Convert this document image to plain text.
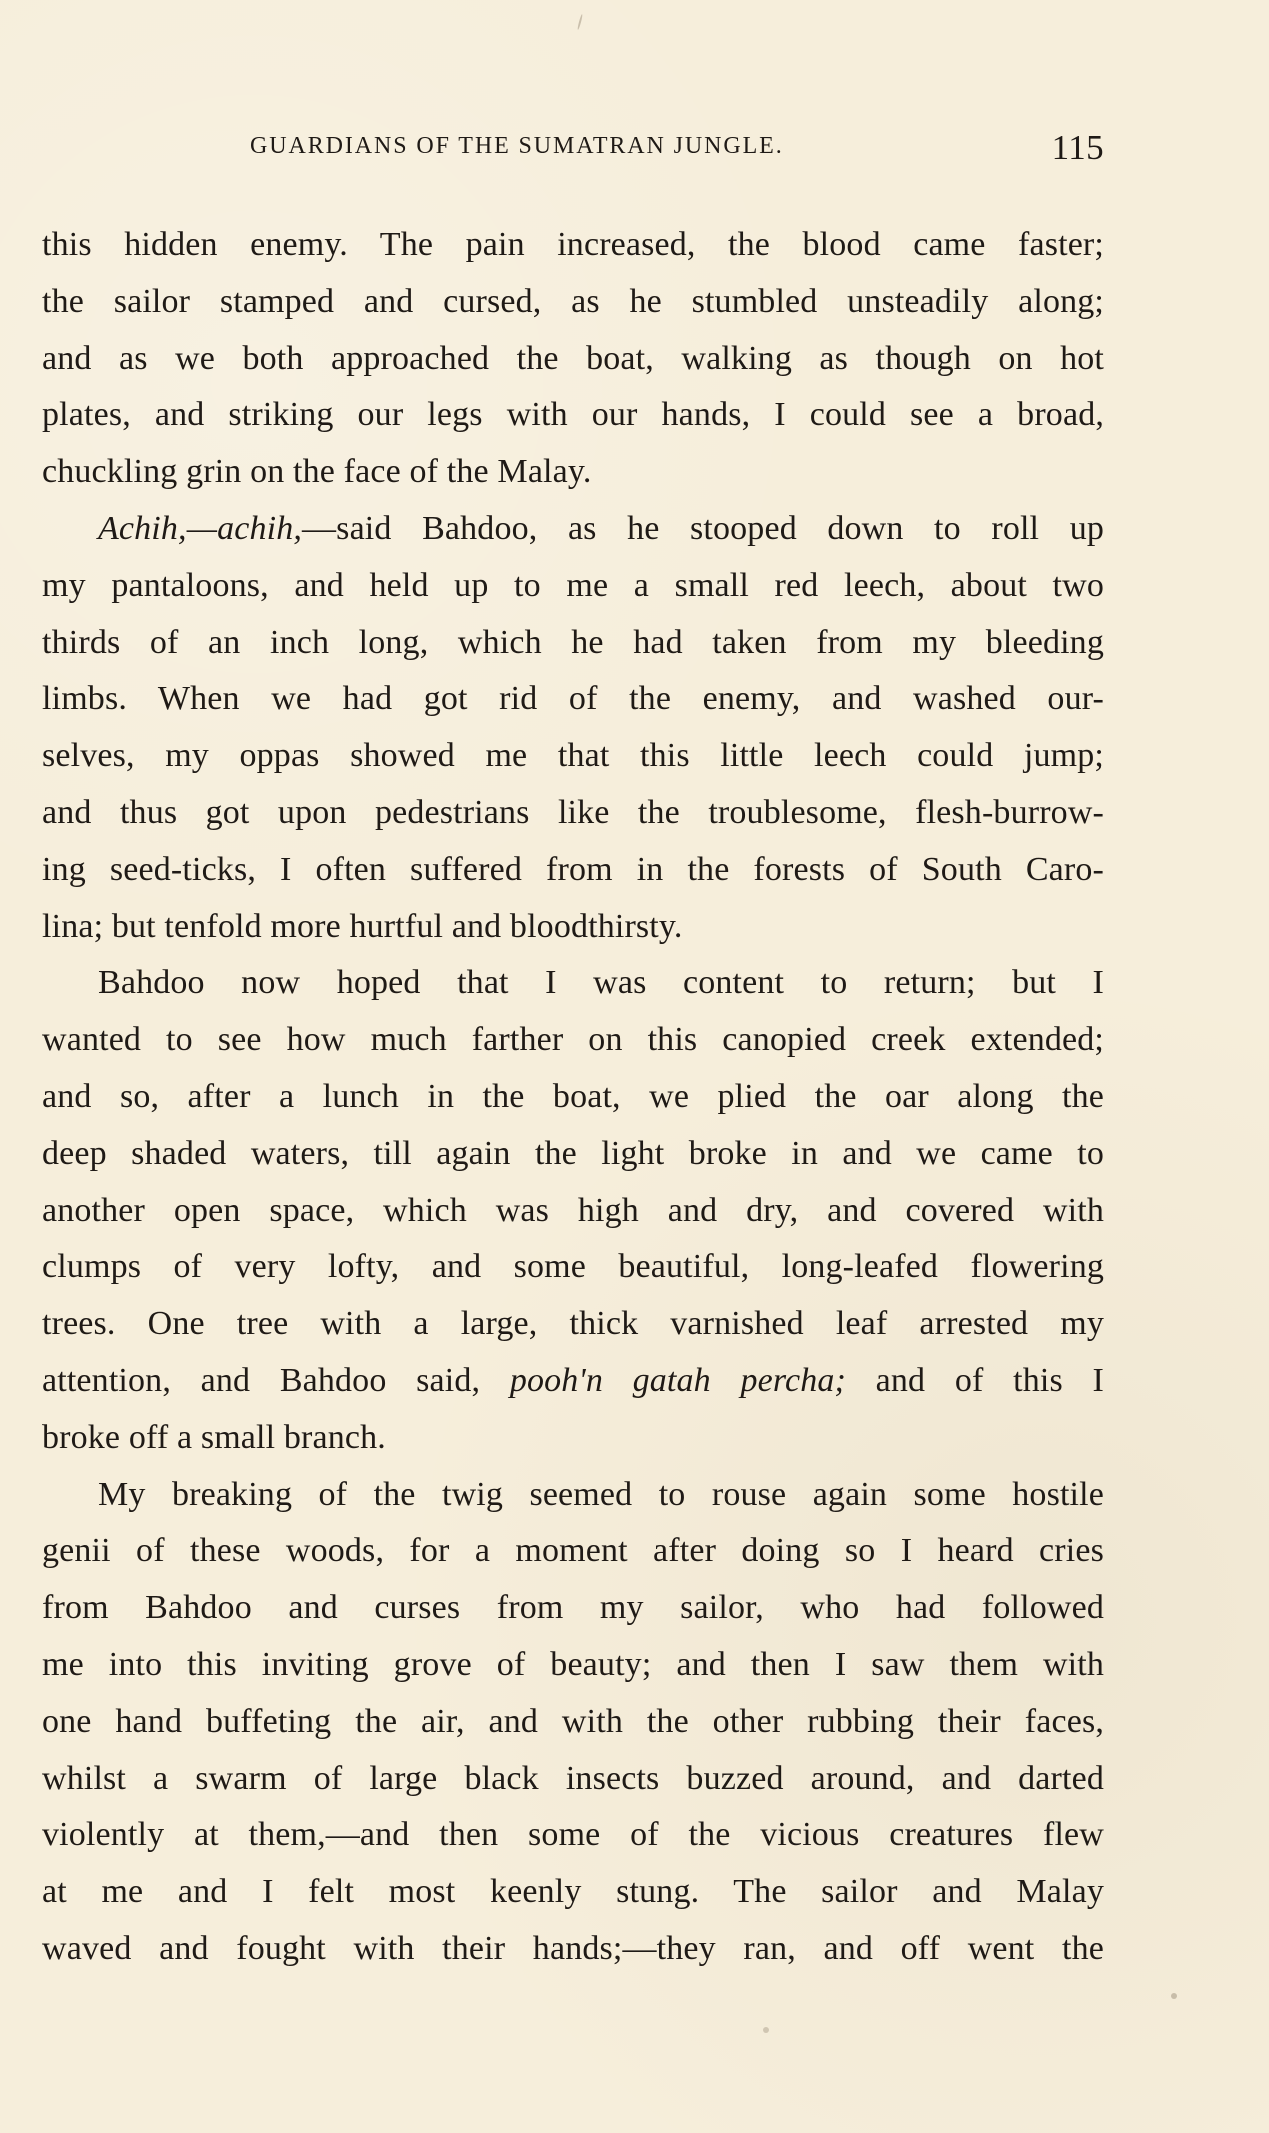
GUARDIANS OF THE SUMATRAN JUNGLE.	115
this hidden enemy. The pain increased, the blood came faster;
the sailor stamped and cursed, as he stumbled unsteadily along;
and as we both approached the boat, walking as though on hot
plates, and striking our legs with our hands, I could see a broad,
chuckling grin on the face of the Malay.
Achih,—achih,—said Bahdoo, as he stooped down to roll up
my pantaloons, and held up to me a small red leech, about two
thirds of an inch long, which he had taken from my bleeding
limbs. When we had got rid of the enemy, and washed our-
selves, my oppas showed me that this little leech could jump;
and thus got upon pedestrians like the troublesome, flesh-burrow-
ing seed-ticks, I often suffered from in the forests of South Caro-
lina; but tenfold more hurtful and bloodthirsty.
Bahdoo now hoped that I was content to return; but I
wanted to see how much farther on this canopied creek extended;
and so, after a lunch in the boat, we plied the oar along the
deep shaded waters, till again the light broke in and we came to
another open space, which was high and dry, and covered with
clumps of very lofty, and some beautiful, long-leafed flowering
trees. One tree with a large, thick varnished leaf arrested my
attention, and Bahdoo said, pooh'n gatah percha; and of this I
broke off a small branch.
My breaking of the twig seemed to rouse again some hostile
genii of these woods, for a moment after doing so I heard cries
from Bahdoo and curses from my sailor, who had followed
me into this inviting grove of beauty; and then I saw them with
one hand buffeting the air, and with the other rubbing their faces,
whilst a swarm of large black insects buzzed around, and darted
violently at them,—and then some of the vicious creatures flew
at me and I felt most keenly stung. The sailor and Malay
waved and fought with their hands;—they ran, and off went the
